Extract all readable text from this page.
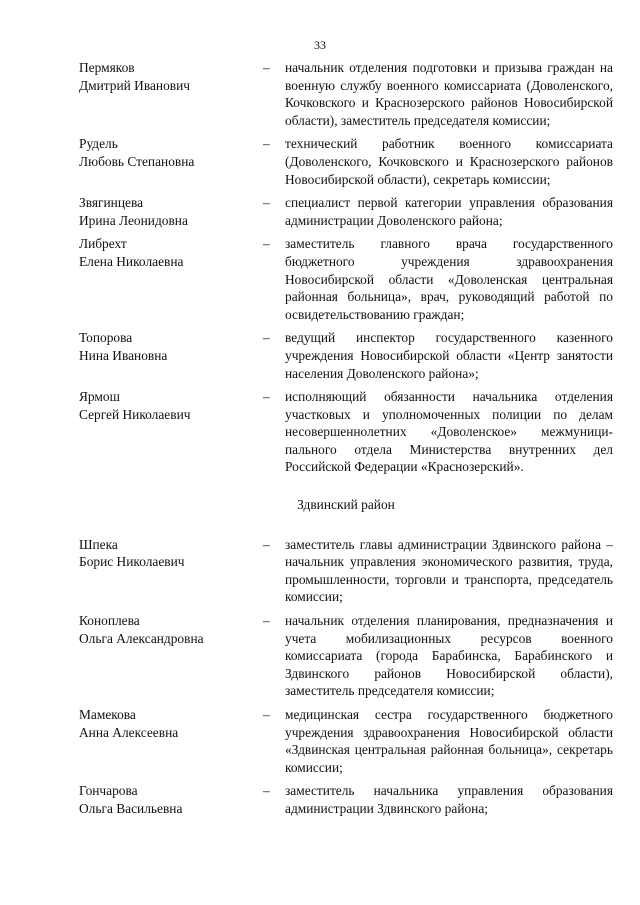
33
Пермяков
Дмитрий Иванович
–	начальник отделения подготовки и призыва граждан на военную службу военного комиссариата (Доволенского, Кочковского и Краснозерского районов Новосибирской области), заместитель председателя комиссии;
Рудель
Любовь Степановна
–	технический работник военного комиссариата (Доволенского, Кочковского и Краснозерского районов Новосибирской области), секретарь комиссии;
Звягинцева
Ирина Леонидовна
–	специалист первой категории управления образования администрации Доволенского района;
Либрехт
Елена Николаевна
–	заместитель главного врача государственного бюджетного учреждения здравоохранения Новосибирской области «Доволенская центральная районная больница», врач, руководящий работой по освидетельствованию граждан;
Топорова
Нина Ивановна
–	ведущий инспектор государственного казенного учреждения Новосибирской области «Центр занятости населения Доволенского района»;
Ярмош
Сергей Николаевич
–	исполняющий обязанности начальника отделения участковых и уполномоченных полиции по делам несовершеннолетних «Доволенское» межмуници-пального отдела Министерства внутренних дел Российской Федерации «Краснозерский».
Здвинский район
Шпека
Борис Николаевич
–	заместитель главы администрации Здвинского района – начальник управления экономического развития, труда, промышленности, торговли и транспорта, председатель комиссии;
Коноплева
Ольга Александровна
–	начальник отделения планирования, предназначения и учета мобилизационных ресурсов военного комиссариата (города Барабинска, Барабинского и Здвинского районов Новосибирской области), заместитель председателя комиссии;
Мамекова
Анна Алексеевна
–	медицинская сестра государственного бюджетного учреждения здравоохранения Новосибирской области «Здвинская центральная районная больница», секретарь комиссии;
Гончарова
Ольга Васильевна
–	заместитель начальника управления образования администрации Здвинского района;
